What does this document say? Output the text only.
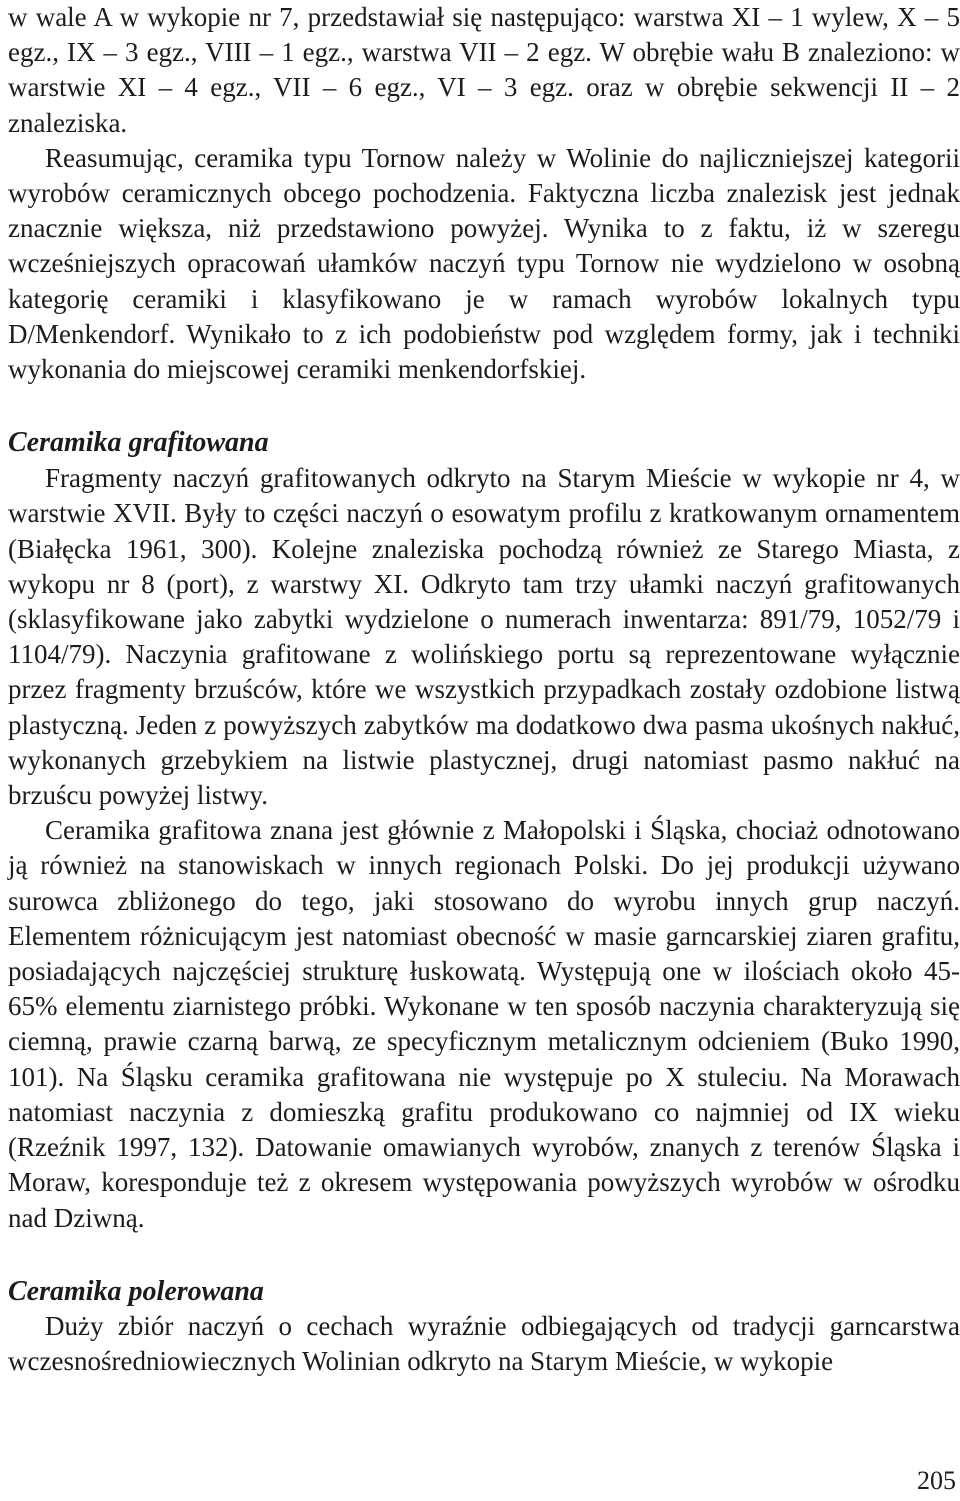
w wale A w wykopie nr 7, przedstawiał się następująco: warstwa XI – 1 wylew, X – 5 egz., IX – 3 egz., VIII – 1 egz., warstwa VII – 2 egz. W obrębie wału B znaleziono: w warstwie XI – 4 egz., VII – 6 egz., VI – 3 egz. oraz w obrębie sekwencji II – 2 znaleziska.

Reasumując, ceramika typu Tornow należy w Wolinie do najliczniejszej kategorii wyrobów ceramicznych obcego pochodzenia. Faktyczna liczba znalezisk jest jednak znacznie większa, niż przedstawiono powyżej. Wynika to z faktu, iż w szeregu wcześniejszych opracowań ułamków naczyń typu Tornow nie wydzielono w osobną kategorię ceramiki i klasyfikowano je w ramach wyrobów lokalnych typu D/Menkendorf. Wynikało to z ich podobieństw pod względem formy, jak i techniki wykonania do miejscowej ceramiki menkendorfskiej.

Ceramika grafitowana

Fragmenty naczyń grafitowanych odkryto na Starym Mieście w wykopie nr 4, w warstwie XVII. Były to części naczyń o esowatym profilu z kratkowanym ornamentem (Białęcka 1961, 300). Kolejne znaleziska pochodzą również ze Starego Miasta, z wykopu nr 8 (port), z warstwy XI. Odkryto tam trzy ułamki naczyń grafitowanych (sklasyfikowane jako zabytki wydzielone o numerach inwentarza: 891/79, 1052/79 i 1104/79). Naczynia grafitowane z wolińskiego portu są reprezentowane wyłącznie przez fragmenty brzuśców, które we wszystkich przypadkach zostały ozdobione listwą plastyczną. Jeden z powyższych zabytków ma dodatkowo dwa pasma ukośnych nakłuć, wykonanych grzebykiem na listwie plastycznej, drugi natomiast pasmo nakłuć na brzuścu powyżej listwy.

Ceramika grafitowa znana jest głównie z Małopolski i Śląska, chociaż odnotowano ją również na stanowiskach w innych regionach Polski. Do jej produkcji używano surowca zbliżonego do tego, jaki stosowano do wyrobu innych grup naczyń. Elementem różnicującym jest natomiast obecność w masie garncarskiej ziaren grafitu, posiadających najczęściej strukturę łuskowatą. Występują one w ilościach około 45-65% elementu ziarnistego próbki. Wykonane w ten sposób naczynia charakteryzują się ciemną, prawie czarną barwą, ze specyficznym metalicznym odcieniem (Buko 1990, 101). Na Śląsku ceramika grafitowana nie występuje po X stuleciu. Na Morawach natomiast naczynia z domieszką grafitu produkowano co najmniej od IX wieku (Rzeźnik 1997, 132). Datowanie omawianych wyrobów, znanych z terenów Śląska i Moraw, koresponduje też z okresem występowania powyższych wyrobów w ośrodku nad Dziwną.

Ceramika polerowana

Duży zbiór naczyń o cechach wyraźnie odbiegających od tradycji garncarstwa wczesnośredniowiecznych Wolinian odkryto na Starym Mieście, w wykopie

205
